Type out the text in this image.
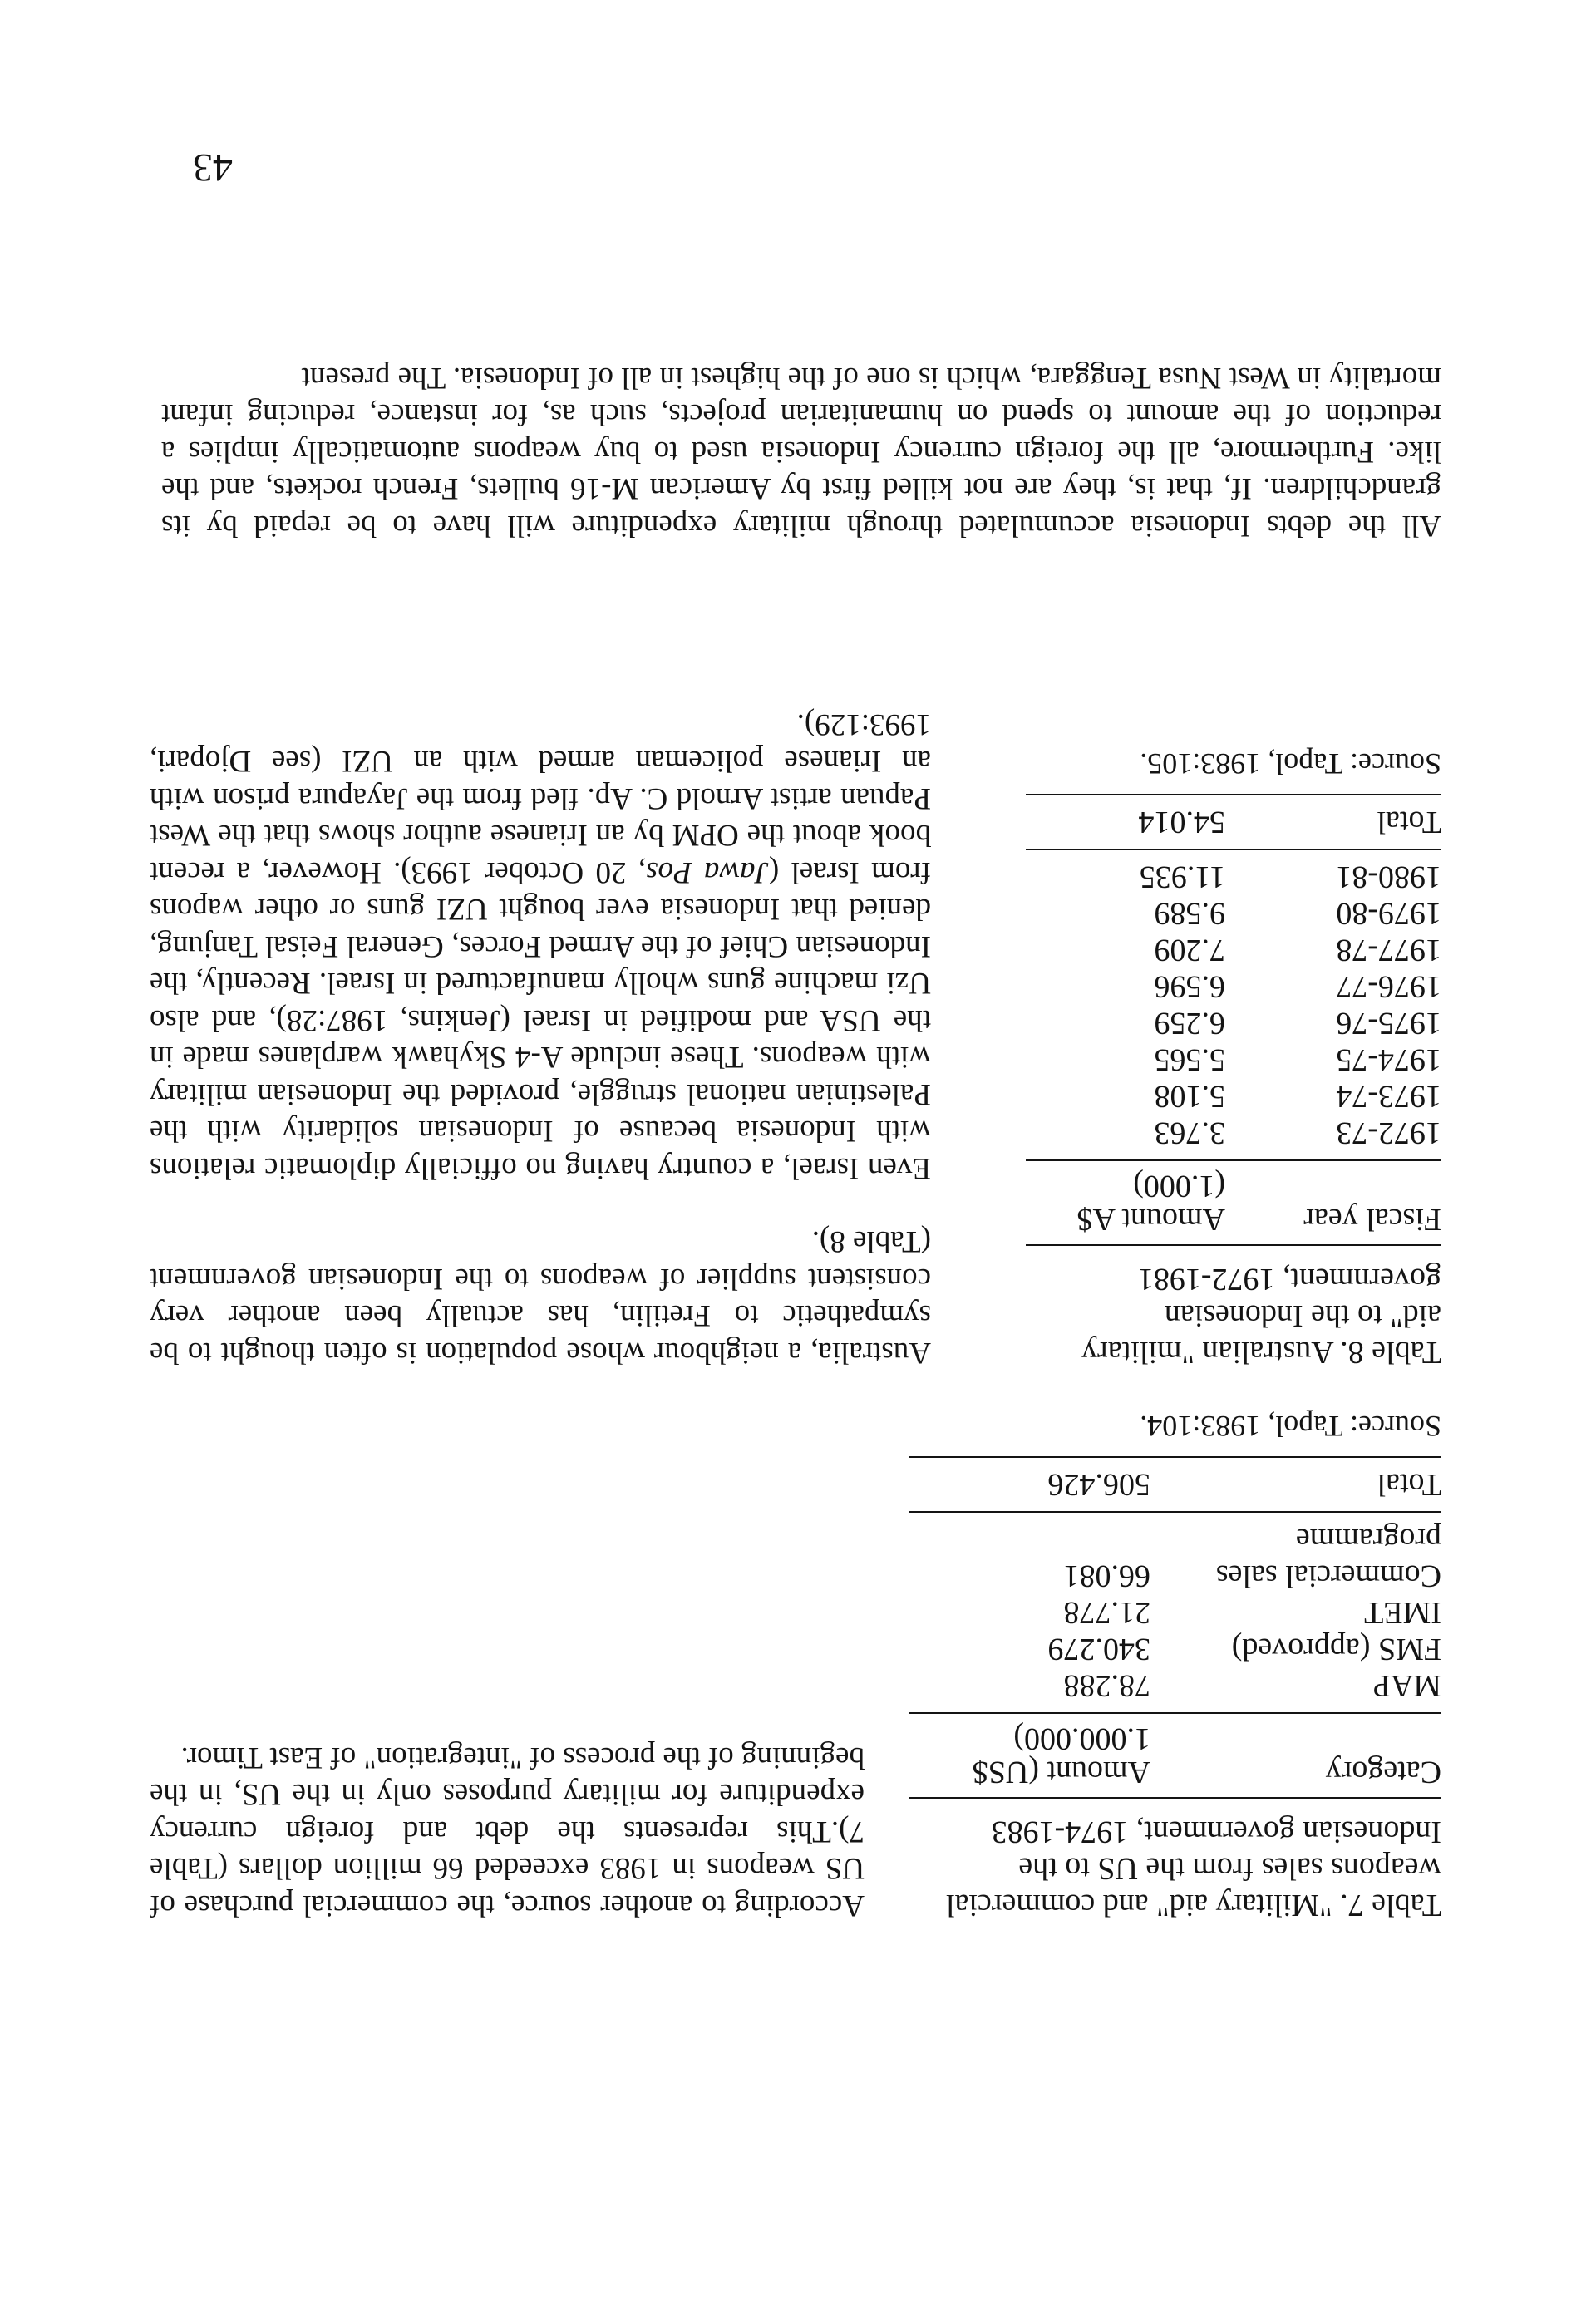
Table 7. "Military aid" and commercial weapons sales from the US to the Indonesian government, 1974-1983

Category
Amount (US$ 1.000.000)
MAP
78.288
FMS (approved)
340.279
IMET
21.778
Commercial sales programme
66.081
Total
506.426
Source: Tapol, 1983:104.

According to another source, the commercial purchase of US weapons in 1983 exceeded 66 million dollars (Table 7).This represents the debt and foreign currency expenditure for military purposes only in the US, in the beginning of the process of "integration" of East Timor.

Table 8. Australian "military aid" to the Indonesian government, 1972-1981

Fiscal year
Amount A$ (1.000)
1972-73
3.763
1973-74
5.108
1974-75
5.565
1975-76
6.259
1976-77
6.596
1977-78
7.209
1979-80
9.589
1980-81
11.935
Total
54.014
Source: Tapol, 1983:105.

Australia, a neighbour whose population is often thought to be sympathetic to Fretilin, has actually been another very consistent supplier of weapons to the Indonesian government (Table 8).

Even Israel, a country having no officially diplomatic relations with Indonesia because of Indonesian solidarity with the Palestinian national struggle, provided the Indonesian military with weapons. These include A-4 Skyhawk warplanes made in the USA and modified in Israel (Jenkins, 1987:28), and also Uzi machine guns wholly manufactured in Israel. Recently, the Indonesian Chief of the Armed Forces, General Feisal Tanjung, denied that Indonesia ever bought UZI guns or other wapons from Israel (Jawa Pos, 20 October 1993). However, a recent book about the OPM by an Irianese author shows that the West Papuan artist Arnold C. Ap. fled from the Jayapura prison with an Irianese policeman armed with an UZI (see Djopari, 1993:129).

All the debts Indonesia accumulated through military expenditure will have to be repaid by its grandchildren. If, that is, they are not killed first by American M-16 bullets, French rockets, and the like. Furthermore, all the foreign currency Indonesia used to buy weapons automatically implies a reduction of the amount to spend on humanitarian projects, such as, for instance, reducing infant mortality in West Nusa Tenggara, which is one of the highest in all of Indonesia. The present

43
